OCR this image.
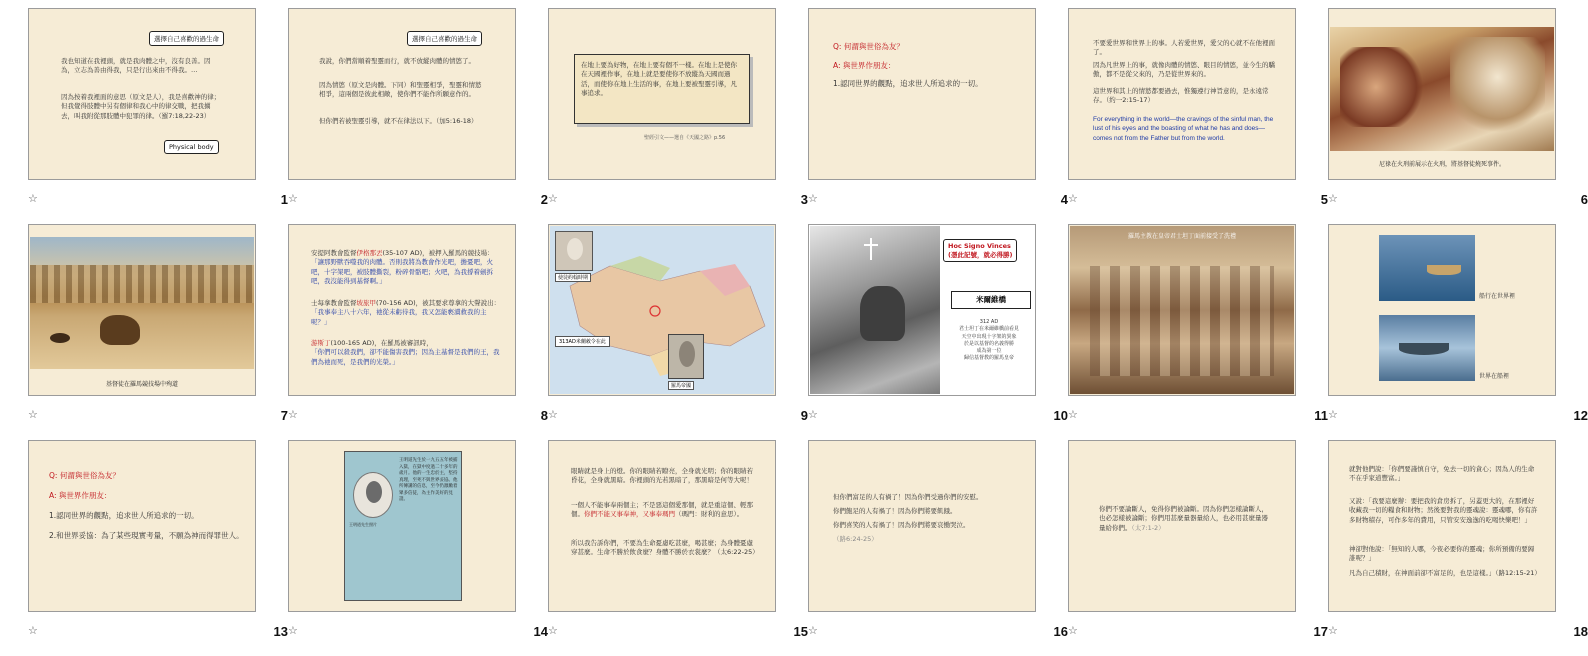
選擇自己喜歡的過生命
我也知道在我裡頭，就是我肉體之中，沒有良善。因為，立志為善由得我，只是行出來由不得我。…
因為按着我裡面的意思（原文是人），我是喜歡神的律；但我覺得肢體中另有個律和我心中的律交戰，把我擄去，叫我附從那肢體中犯罪的律。（羅7:18,22-23）
Physical body
☆	1
選擇自己喜歡的過生命
我說，你們當順着聖靈而行，就不放縱肉體的情慾了。
因為情慾（原文是肉體。下同）和聖靈相爭，聖靈和情慾相爭，這兩個是彼此相敵，使你們不能作所願意作的。
但你們若被聖靈引導，就不在律法以下。（加5:16-18）
☆	2
在地上要為好物，在地上要有個不一樣。在地上是使你在天國裡作事，在地上就是要使你不放縱為天國而過活，而使你在地上生活的事，在地上要被聖靈引導，凡事追求。
聖經引文——選自《天國之路》p.56
☆	3
Q: 何謂與世俗為友？
A: 與世界作朋友：
1.認同世界的觀點，追求世人所追求的一切。
☆	4
不要愛世界和世界上的事。人若愛世界，愛父的心就不在他裡面了。
因為凡世界上的事，就像肉體的情慾、眼目的情慾，並今生的驕傲，都不是從父來的，乃是從世界來的。
這世界和其上的情慾都要過去，惟獨遵行神旨意的，是永遠常存。（約一2:15-17）
For everything in the world—the cravings of the sinful man, the lust of his eyes and the boasting of what he has and does—comes not from the Father but from the world.
☆	5
尼祿在火刑前展示在火刑，將基督徒燒死事件。
☆	6
基督徒在羅馬競技場中殉道
☆	7
安提阿教會監督伊格那丟(35-107 AD)，被押入羅馬的競技場：
「讓那野獸吞噬我的肉體。否則我將為教會作光吧，擔憂吧，火吧，十字架吧，被肢體撕裂，粉碎骨骼吧；火吧，為我撐着劍拆吧，我沒能得到基督啊。」
士每拿教會監督坡旅甲(70-156 AD)，被其要求尊拿的大聲說出：
「我事奉主八十六年，祂從未虧待我，我又怎能褻瀆救我的主呢？」
游斯丁(100-165 AD)，在羅馬被審訊時，
「你們可以殺我們，卻不能傷害我們；因為主基督是我們的王，我們為祂而死，是我們的光榮。」
☆	8
使徒約翰時期
313AD米蘭敕令在此
羅馬帝國
☆	9
Hoc Signo Vinces
(憑此記號，就必得勝)
米爾維橋
312 AD
君士坦丁在米爾維橋前看見
天空中出現十字架的異象
於是以基督的名義得勝
成為第一位
歸信基督教的羅馬皇帝
☆	10
羅馬主教在皇帝君士坦丁面前接受了洗禮
☆	11
船行在世界裡
世界在船裡
☆	12
Q: 何謂與世俗為友？
A: 與世界作朋友：
1.認同世界的觀點，追求世人所追求的一切。
2.和世界妥協：為了某些現實考量，不願為神而得罪世人。
☆	13
王明道先生照片
王明道先生於一九五五年被捕入獄，在獄中度過二十多年的歲月。他的一生忠於主，堅持真理，至死不與世界妥協。他所傳講的信息，至今仍激勵着眾多信徒，為主作美好的見證。
☆	14
眼睛就是身上的燈。你的眼睛若瞭亮，全身就光明；你的眼睛若昏花，全身就黑暗。你裡頭的光若黑暗了，那黑暗是何等大呢！
一個人不能事奉兩個主；不是惡這個愛那個，就是重這個、輕那個。你們不能又事奉神，又事奉瑪門（瑪門：財利的意思）。
所以我告訴你們，不要為生命憂慮吃甚麼，喝甚麼；為身體憂慮穿甚麼。生命不勝於飲食麼？身體不勝於衣裳麼？（太6:22-25）
☆	15
但你們富足的人有禍了！因為你們受過你們的安慰。
你們飽足的人有禍了！因為你們將要飢餓。
你們喜笑的人有禍了！因為你們將要哀慟哭泣。
（路6:24-25）
☆	16
你們不要論斷人，免得你們被論斷。因為你們怎樣論斷人，也必怎樣被論斷；你們用甚麼量器量給人，也必用甚麼量器量給你們。（太7:1-2）
☆	17
就對他們說：「你們要謹慎自守，免去一切的貪心；因為人的生命不在乎家道豐富。」
又說：「我要這麼辦：要把我的倉房拆了，另蓋更大的，在那裡好收藏我一切的糧食和財物；然後要對我的靈魂說：靈魂哪，你有許多財物積存，可作多年的費用，只管安安逸逸的吃喝快樂吧！」
神卻對他說：「無知的人哪，今夜必要你的靈魂；你所預備的要歸誰呢？」
凡為自己積財，在神面前卻不富足的，也是這樣。」（路12:15-21）
☆	18
